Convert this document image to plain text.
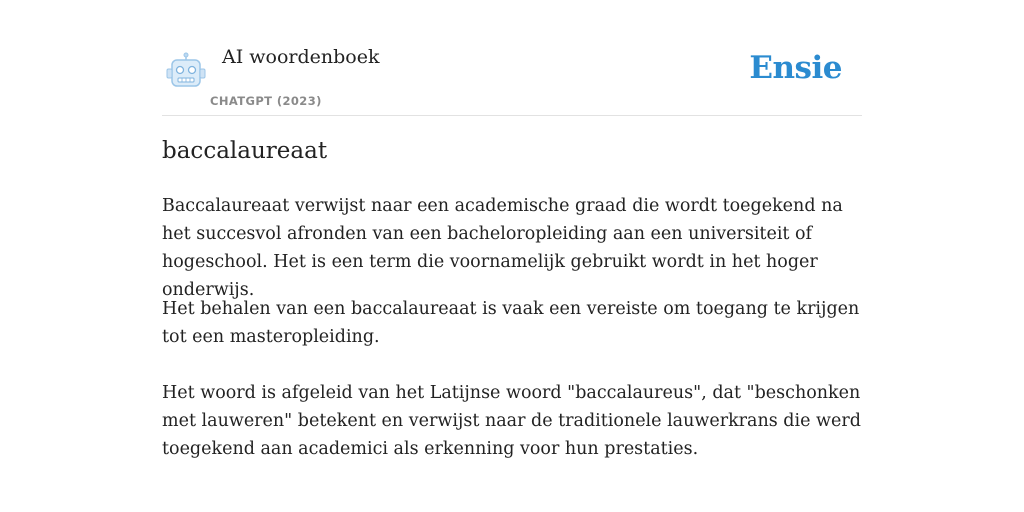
AI woordenboek
CHATGPT (2023)
Ensie
baccalaureaat

Baccalaureaat verwijst naar een academische graad die wordt toegekend na het succesvol afronden van een bacheloropleiding aan een universiteit of hogeschool. Het is een term die voornamelijk gebruikt wordt in het hoger onderwijs.

Het behalen van een baccalaureaat is vaak een vereiste om toegang te krijgen tot een masteropleiding.

Het woord is afgeleid van het Latijnse woord "baccalaureus", dat "beschonken met lauweren" betekent en verwijst naar de traditionele lauwerkrans die werd toegekend aan academici als erkenning voor hun prestaties.
